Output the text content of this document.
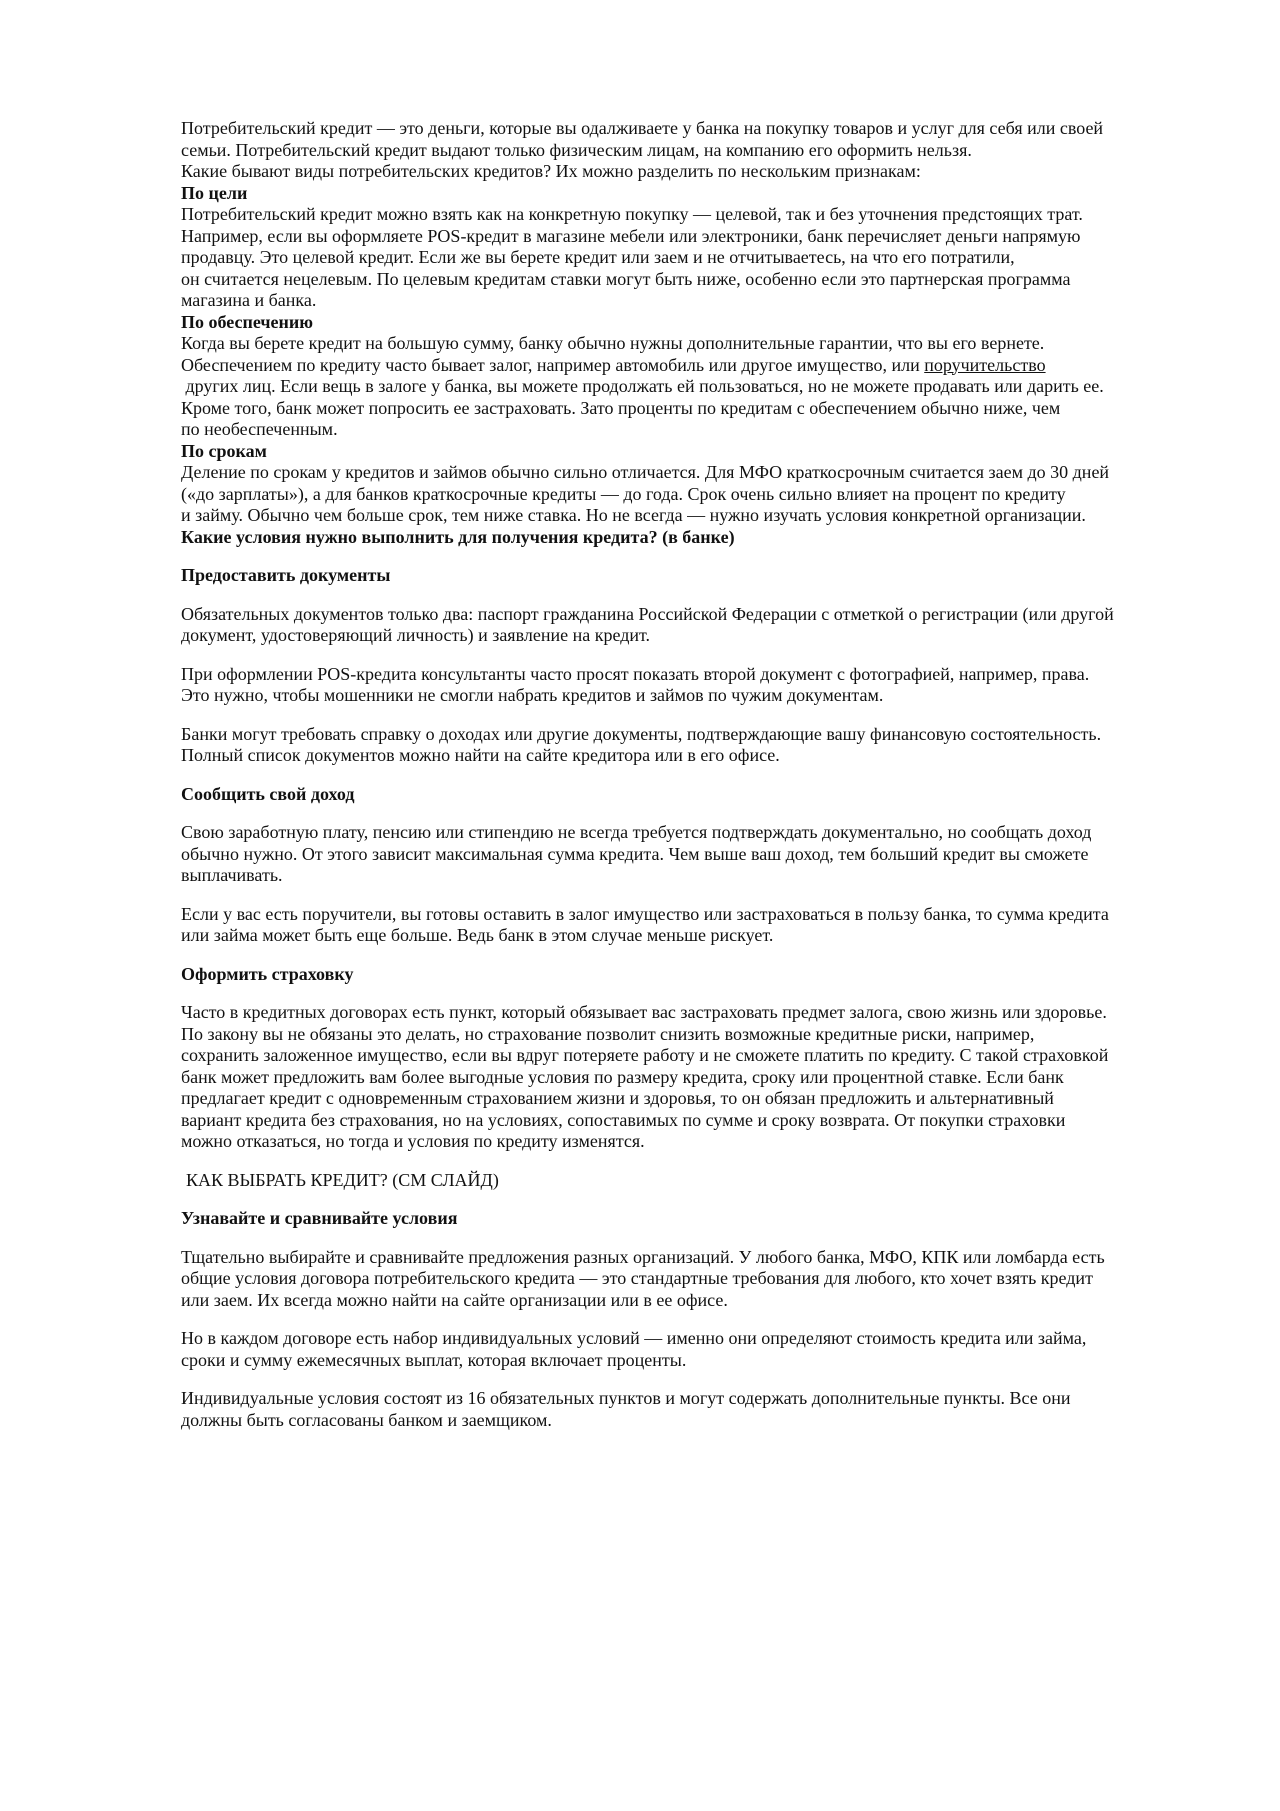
Потребительский кредит — это деньги, которые вы одалживаете у банка на покупку товаров и услуг для себя или своей
семьи. Потребительский кредит выдают только физическим лицам, на компанию его оформить нельзя.
Какие бывают виды потребительских кредитов? Их можно разделить по нескольким признакам:
По цели
Потребительский кредит можно взять как на конкретную покупку — целевой, так и без уточнения предстоящих трат.
Например, если вы оформляете POS-кредит в магазине мебели или электроники, банк перечисляет деньги напрямую
продавцу. Это целевой кредит. Если же вы берете кредит или заем и не отчитываетесь, на что его потратили,
он считается нецелевым. По целевым кредитам ставки могут быть ниже, особенно если это партнерская программа
магазина и банка.
По обеспечению
Когда вы берете кредит на большую сумму, банку обычно нужны дополнительные гарантии, что вы его вернете.
Обеспечением по кредиту часто бывает залог, например автомобиль или другое имущество, или поручительство
других лиц. Если вещь в залоге у банка, вы можете продолжать ей пользоваться, но не можете продавать или дарить ее.
Кроме того, банк может попросить ее застраховать. Зато проценты по кредитам с обеспечением обычно ниже, чем
по необеспеченным.
По срокам
Деление по срокам у кредитов и займов обычно сильно отличается. Для МФО краткосрочным считается заем до 30 дней
(«до зарплаты»), а для банков краткосрочные кредиты — до года. Срок очень сильно влияет на процент по кредиту
и займу. Обычно чем больше срок, тем ниже ставка. Но не всегда — нужно изучать условия конкретной организации.
Какие условия нужно выполнить для получения кредита? (в банке)
Предоставить документы
Обязательных документов только два: паспорт гражданина Российской Федерации с отметкой о регистрации (или другой
документ, удостоверяющий личность) и заявление на кредит.
При оформлении POS-кредита консультанты часто просят показать второй документ с фотографией, например, права.
Это нужно, чтобы мошенники не смогли набрать кредитов и займов по чужим документам.
Банки могут требовать справку о доходах или другие документы, подтверждающие вашу финансовую состоятельность.
Полный список документов можно найти на сайте кредитора или в его офисе.
Сообщить свой доход
Свою заработную плату, пенсию или стипендию не всегда требуется подтверждать документально, но сообщать доход
обычно нужно. От этого зависит максимальная сумма кредита. Чем выше ваш доход, тем больший кредит вы сможете
выплачивать.
Если у вас есть поручители, вы готовы оставить в залог имущество или застраховаться в пользу банка, то сумма кредита
или займа может быть еще больше. Ведь банк в этом случае меньше рискует.
Оформить страховку
Часто в кредитных договорах есть пункт, который обязывает вас застраховать предмет залога, свою жизнь или здоровье.
По закону вы не обязаны это делать, но страхование позволит снизить возможные кредитные риски, например,
сохранить заложенное имущество, если вы вдруг потеряете работу и не сможете платить по кредиту. С такой страховкой
банк может предложить вам более выгодные условия по размеру кредита, сроку или процентной ставке. Если банк
предлагает кредит с одновременным страхованием жизни и здоровья, то он обязан предложить и альтернативный
вариант кредита без страхования, но на условиях, сопоставимых по сумме и сроку возврата. От покупки страховки
можно отказаться, но тогда и условия по кредиту изменятся.
КАК ВЫБРАТЬ КРЕДИТ? (СМ СЛАЙД)
Узнавайте и сравнивайте условия
Тщательно выбирайте и сравнивайте предложения разных организаций. У любого банка, МФО, КПК или ломбарда есть
общие условия договора потребительского кредита — это стандартные требования для любого, кто хочет взять кредит
или заем. Их всегда можно найти на сайте организации или в ее офисе.
Но в каждом договоре есть набор индивидуальных условий — именно они определяют стоимость кредита или займа,
сроки и сумму ежемесячных выплат, которая включает проценты.
Индивидуальные условия состоят из 16 обязательных пунктов и могут содержать дополнительные пункты. Все они
должны быть согласованы банком и заемщиком.
